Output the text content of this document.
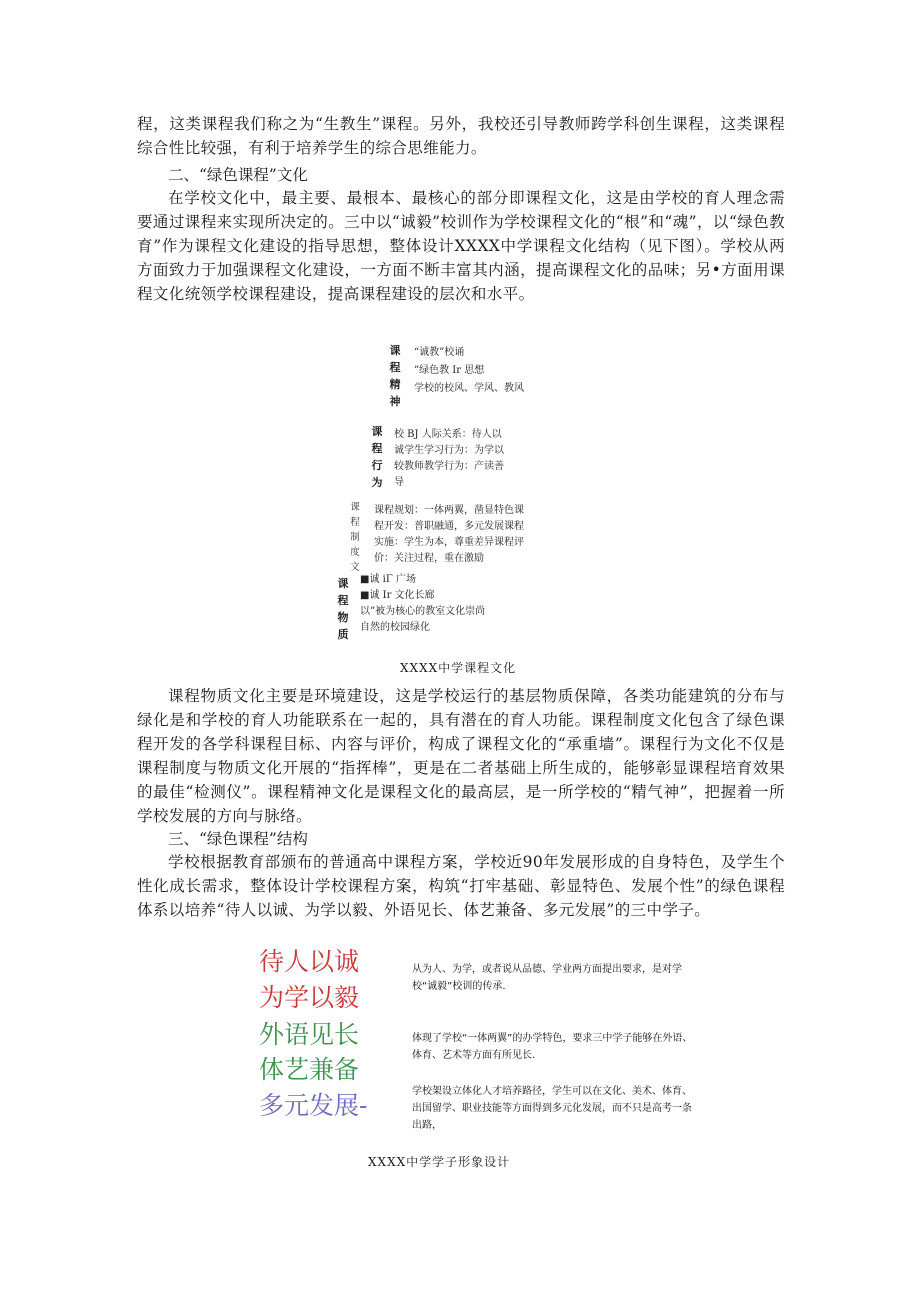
程，这类课程我们称之为“生教生”课程。另外，我校还引导教师跨学科创生课程，这类课程综合性比较强，有利于培养学生的综合思维能力。

二、“绿色课程”文化

在学校文化中，最主要、最根本、最核心的部分即课程文化，这是由学校的育人理念需要通过课程来实现所决定的。三中以“诚毅”校训作为学校课程文化的“根”和“魂”，以“绿色教育”作为课程文化建设的指导思想，整体设计XXXX中学课程文化结构（见下图）。学校从两方面致力于加强课程文化建设，一方面不断丰富其内涵，提高课程文化的品味；另•方面用课程文化统领学校课程建设，提高课程建设的层次和水平。

课程精神
“诚教”校诵
”绿色教 Ir 思想
学校的校风、学风、教风
课程行为
校 BJ 人际关系：待人以
诚学生学习行为：为学以
较教师教学行为：产读善
导
课程制度文
课程规划：一体两翼，凿显特色课
程开发：普职融通，多元发展课程
实施：学生为本，尊重差异课程评
价：关注过程，重在激励
课程物质
■诚 iΓ 广场
■诚 Ir 文化长廊
以”被为核心的教室文化崇尚
自然的校园绿化
XXXX中学课程文化

课程物质文化主要是环境建设，这是学校运行的基层物质保障，各类功能建筑的分布与绿化是和学校的育人功能联系在一起的，具有潜在的育人功能。课程制度文化包含了绿色课程开发的各学科课程目标、内容与评价，构成了课程文化的“承重墙”。课程行为文化不仅是课程制度与物质文化开展的“指挥棒”，更是在二者基础上所生成的，能够彰显课程培育效果的最佳“检测仪”。课程精神文化是课程文化的最高层，是一所学校的“精气神”，把握着一所学校发展的方向与脉络。

三、“绿色课程”结构

学校根据教育部颁布的普通高中课程方案，学校近90年发展形成的自身特色，及学生个性化成长需求，整体设计学校课程方案，构筑“打牢基础、彰显特色、发展个性”的绿色课程体系以培养“待人以诚、为学以毅、外语见长、体艺兼备、多元发展”的三中学子。

待人以诚
为学以毅
外语见长
体艺兼备
多元发展-
从为人、为学，或者说从品德、学业两方面提出要求，是对学校“诚毅”校训的传承.
体现了学校“一体两翼”的办学特色，要求三中学子能够在外语、体育、艺术等方面有所见长.
学校架设立体化人才培养路径，学生可以在文化、美术、体育、出国留学、职业技能等方面得到多元化发展，而不只是高考一条出路，
XXXX中学学子形象设计
